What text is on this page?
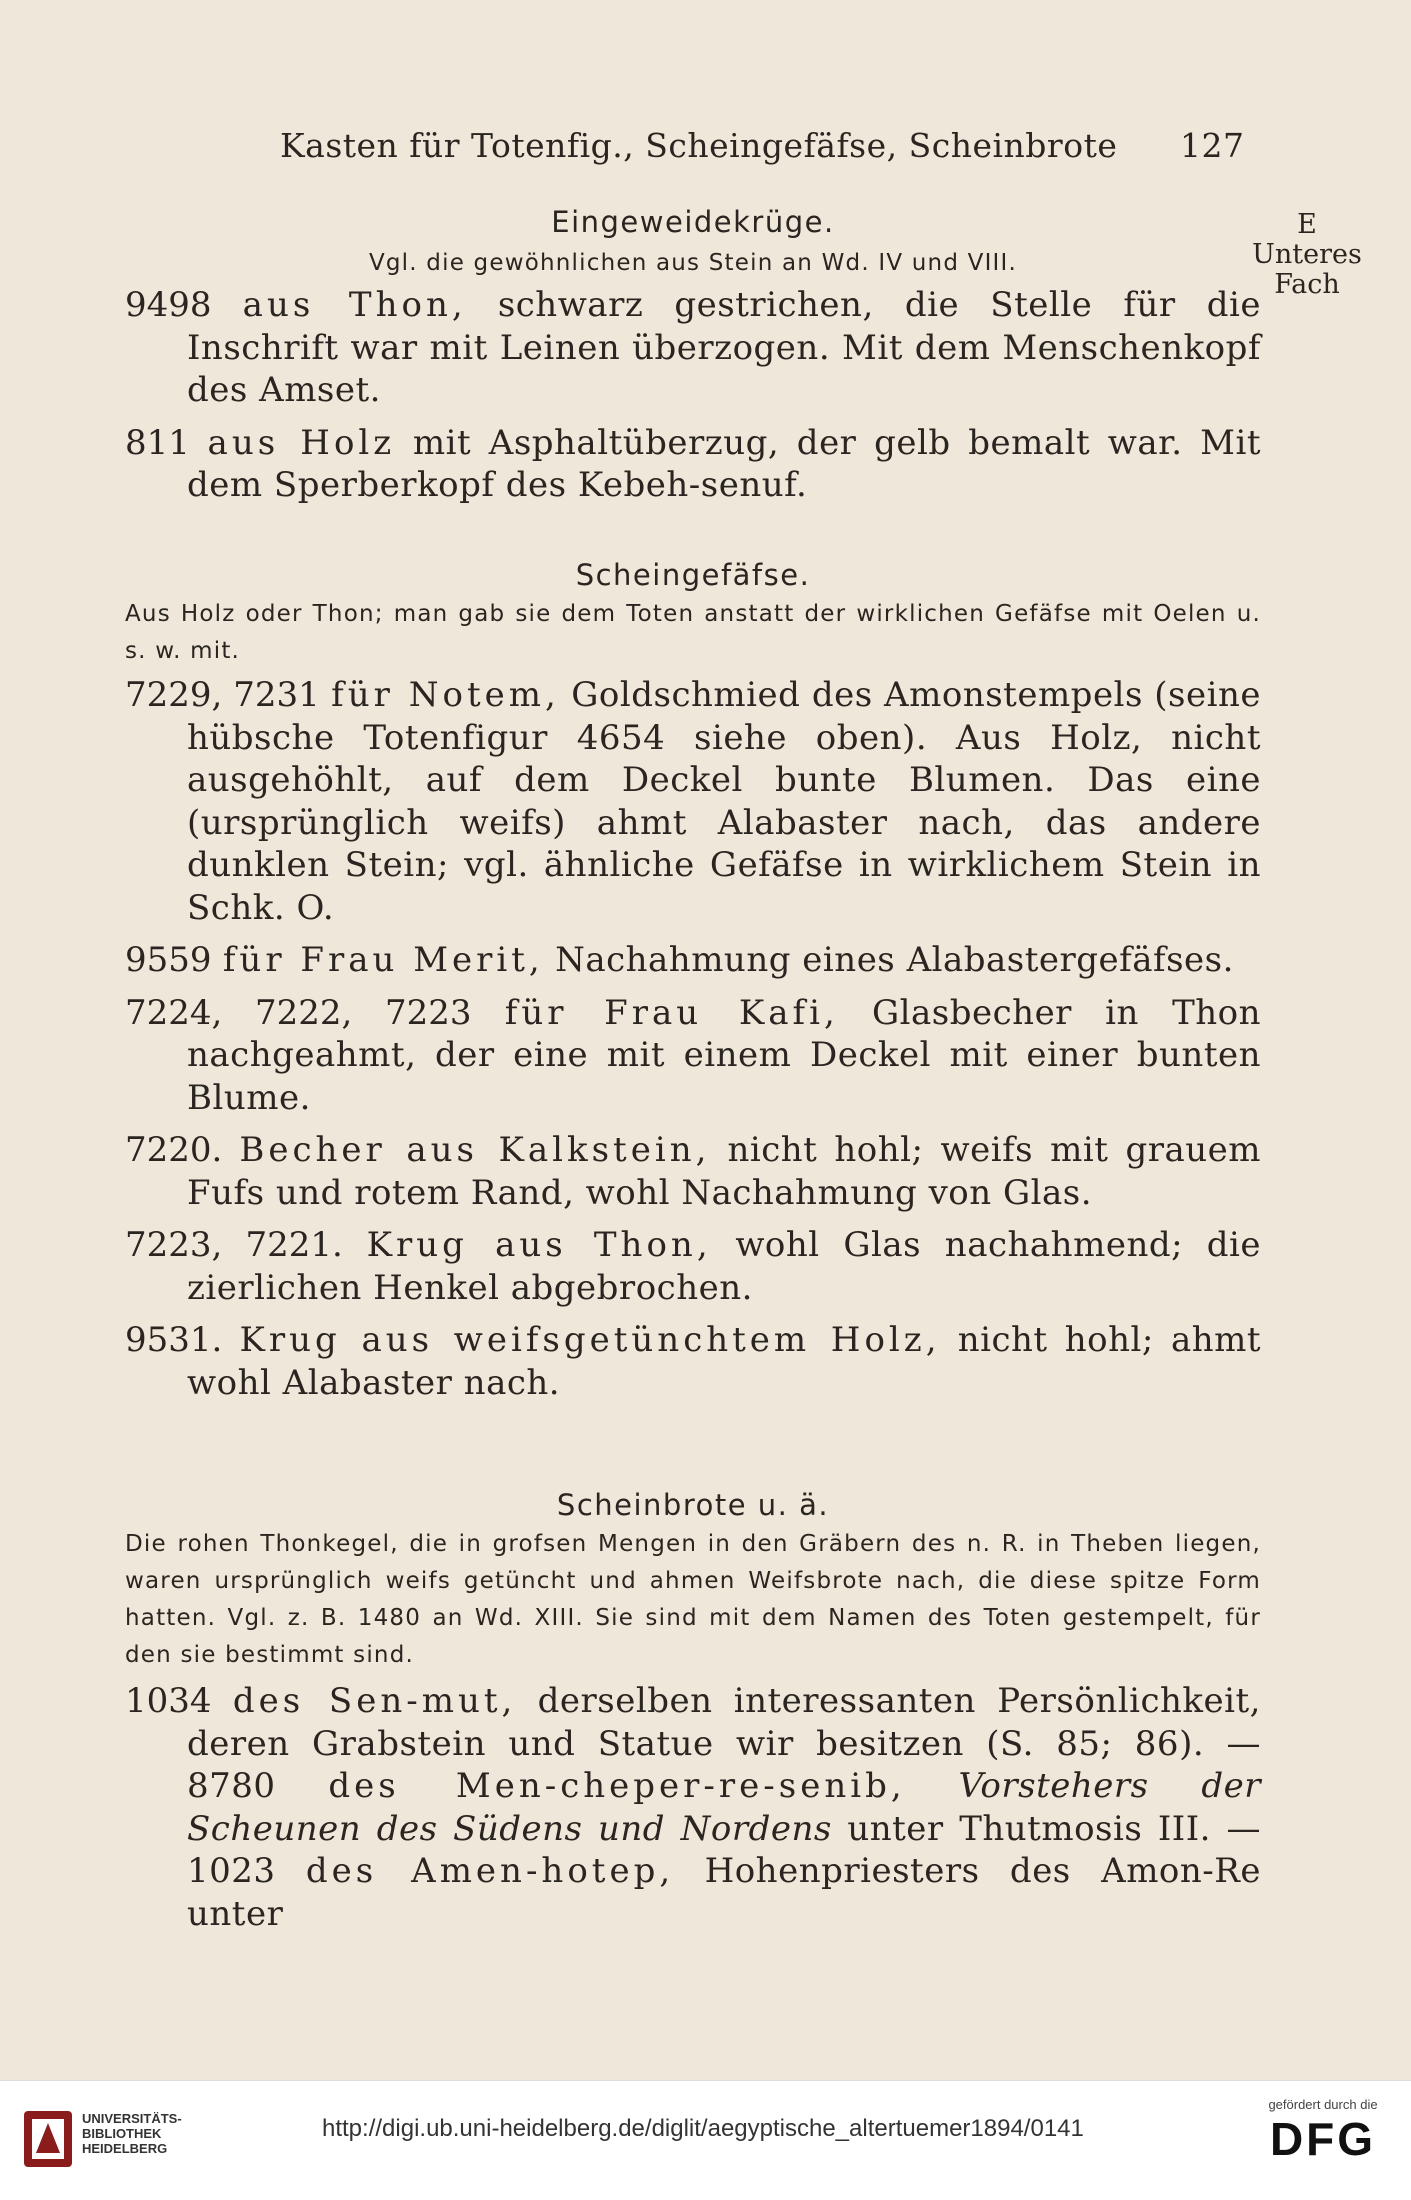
Kasten für Totenfig., Scheingefäfse, Scheinbrote 127
E
Unteres
Fach
Eingeweidekrüge.
Vgl. die gewöhnlichen aus Stein an Wd. IV und VIII.
9498 aus Thon, schwarz gestrichen, die Stelle für die Inschrift war mit Leinen überzogen. Mit dem Menschenkopf des Amset.
811 aus Holz mit Asphaltüberzug, der gelb bemalt war. Mit dem Sperberkopf des Kebeh-senuf.
Scheingefäfse.
Aus Holz oder Thon; man gab sie dem Toten anstatt der wirklichen Gefäfse mit Oelen u. s. w. mit.
7229, 7231 für Notem, Goldschmied des Amonstempels (seine hübsche Totenfigur 4654 siehe oben). Aus Holz, nicht ausgehöhlt, auf dem Deckel bunte Blumen. Das eine (ursprünglich weifs) ahmt Alabaster nach, das andere dunklen Stein; vgl. ähnliche Gefäfse in wirklichem Stein in Schk. O.
9559 für Frau Merit, Nachahmung eines Alabastergefäfses.
7224, 7222, 7223 für Frau Kafi, Glasbecher in Thon nachgeahmt, der eine mit einem Deckel mit einer bunten Blume.
7220. Becher aus Kalkstein, nicht hohl; weifs mit grauem Fufs und rotem Rand, wohl Nachahmung von Glas.
7223, 7221. Krug aus Thon, wohl Glas nachahmend; die zierlichen Henkel abgebrochen.
9531. Krug aus weifsgetünchtem Holz, nicht hohl; ahmt wohl Alabaster nach.
Scheinbrote u. ä.
Die rohen Thonkegel, die in grofsen Mengen in den Gräbern des n. R. in Theben liegen, waren ursprünglich weifs getüncht und ahmen Weifsbrote nach, die diese spitze Form hatten. Vgl. z. B. 1480 an Wd. XIII. Sie sind mit dem Namen des Toten gestempelt, für den sie bestimmt sind.
1034 des Sen-mut, derselben interessanten Persönlichkeit, deren Grabstein und Statue wir besitzen (S. 85; 86). — 8780 des Men-cheper-re-senib, Vorstehers der Scheunen des Südens und Nordens unter Thutmosis III. — 1023 des Amen-hotep, Hohenpriesters des Amon-Re unter
UNIVERSITÄTS-
BIBLIOTHEK
HEIDELBERG
http://digi.ub.uni-heidelberg.de/diglit/aegyptische_altertuemer1894/0141
gefördert durch die
DFG
